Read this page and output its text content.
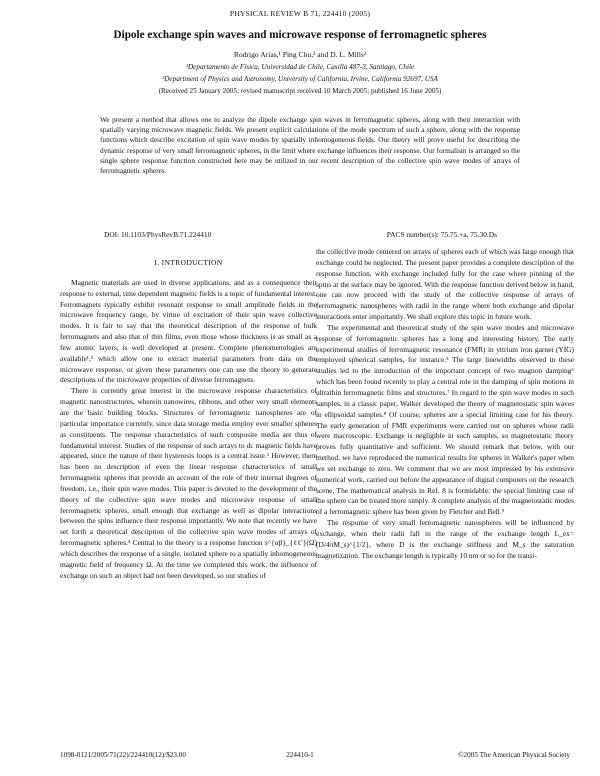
PHYSICAL REVIEW B 71, 224410 (2005)
Dipole exchange spin waves and microwave response of ferromagnetic spheres
Rodrigo Arias,¹ Ping Chu,² and D. L. Mills²
¹Departamento de Física, Universidad de Chile, Casilla 487-3, Santiago, Chile
²Department of Physics and Astronomy, University of California, Irvine, California 92697, USA
(Received 25 January 2005; revised manuscript received 10 March 2005; published 16 June 2005)
We present a method that allows one to analyze the dipole exchange spin waves in ferromagnetic spheres, along with their interaction with spatially varying microwave magnetic fields. We present explicit calculations of the mode spectrum of such a sphere, along with the response functions which describe excitation of spin wave modes by spatially inhomogeneous fields. Our theory will prove useful for describing the dynamic response of very small ferromagnetic spheres, in the limit where exchange influences their response. Our formalism is arranged so the single sphere response function constructed here may be utilized in our recent description of the collective spin wave modes of arrays of ferromagnetic spheres.
DOI: 10.1103/PhysRevB.71.224410	PACS number(s): 75.75.+a, 75.30.Ds
I. INTRODUCTION

Magnetic materials are used in diverse applications, and as a consequence their response to external, time dependent magnetic fields is a topic of fundamental interest. Ferromagnets typically exhibit resonant response to small amplitude fields in the microwave frequency range, by virtue of excitation of their spin wave collective modes. It is fair to say that the theoretical description of the response of bulk ferromagnets and also that of thin films, even those whose thickness is as small as a few atomic layers, is well developed at present. Complete phenomenologies are available¹,² which allow one to extract material parameters from data on the microwave response, or given these parameters one can use the theory to generate descriptions of the microwave properties of diverse ferromagnets.

There is currently great interest in the microwave response characteristics of magnetic nanostructures, wherein nanowires, ribbons, and other very small elements are the basic building blocks. Structures of ferromagnetic nanospheres are of particular importance currently, since data storage media employ ever smaller spheres as constituents. The response characteristics of such composite media are thus of fundamental interest. Studies of the response of such arrays to dc magnetic fields have appeared, since the nature of their hysteresis loops is a central issue.³ However, there has been no description of even the linear response characteristics of small ferromagnetic spheres that provide an account of the role of their internal degrees of freedom, i.e., their spin wave modes. This paper is devoted to the development of the theory of the collective spin wave modes and microwave response of small ferromagnetic spheres, small enough that exchange as well as dipolar interactions between the spins influence their response importantly. We note that recently we have set forth a theoretical description of the collective spin wave modes of arrays of ferromagnetic spheres.⁴ Central to the theory is a response function s^{αβ}_{ℓℓ′}(Ω) which describes the response of a single, isolated sphere to a spatially inhomogeneous magnetic field of frequency Ω. At the time we completed this work, the influence of exchange on such an object had not been developed, so our studies of

the collective mode centered on arrays of spheres each of which was large enough that exchange could be neglected. The present paper provides a complete description of the response function, with exchange included fully for the case where pinning of the spins at the surface may be ignored. With the response function derived below in hand, one can now proceed with the study of the collective response of arrays of ferromagnetic nanospheres with radii in the range where both exchange and dipolar interactions enter importantly. We shall explore this topic in future work.

The experimental and theoretical study of the spin wave modes and microwave response of ferromagnetic spheres has a long and interesting history. The early experimental studies of ferromagnetic resonance (FMR) in yttrium iron garnet (YIG) employed spherical samples, for instance.⁵ The large linewidths observed in these studies led to the introduction of the important concept of two magnon damping⁶ which has been found recently to play a central role in the damping of spin motions in ultrathin ferromagnetic films and structures.⁷ In regard to the spin wave modes in such samples, in a classic paper, Walker developed the theory of magnetostatic spin waves in ellipsoidal samples.⁸ Of course, spheres are a special limiting case for his theory. The early generation of FMR experiments were carried out on spheres whose radii were macroscopic. Exchange is negligible in such samples, so magnetostatic theory proves fully quantitative and sufficient. We should remark that below, with our method, we have reproduced the numerical results for spheres in Walker's paper when we set exchange to zero. We comment that we are most impressed by his extensive numerical work, carried out before the appearance of digital computers on the research scene. The mathematical analysis in Ref. 8 is formidable; the special limiting case of the sphere can be treated more simply. A complete analysis of the magnetostatic modes of a ferromagnetic sphere has been given by Fletcher and Bell.⁹

The response of very small ferromagnetic nanospheres will be influenced by exchange, when their radii fall in the range of the exchange length L_ex=(D/4πM_s)^{1/2}, where D is the exchange stiffness and M_s the saturation magnetization. The exchange length is typically 10 nm or so for the transi-

1098-0121/2005/71(22)/224410(12)/$23.00	224410-1	©2005 The American Physical Society
